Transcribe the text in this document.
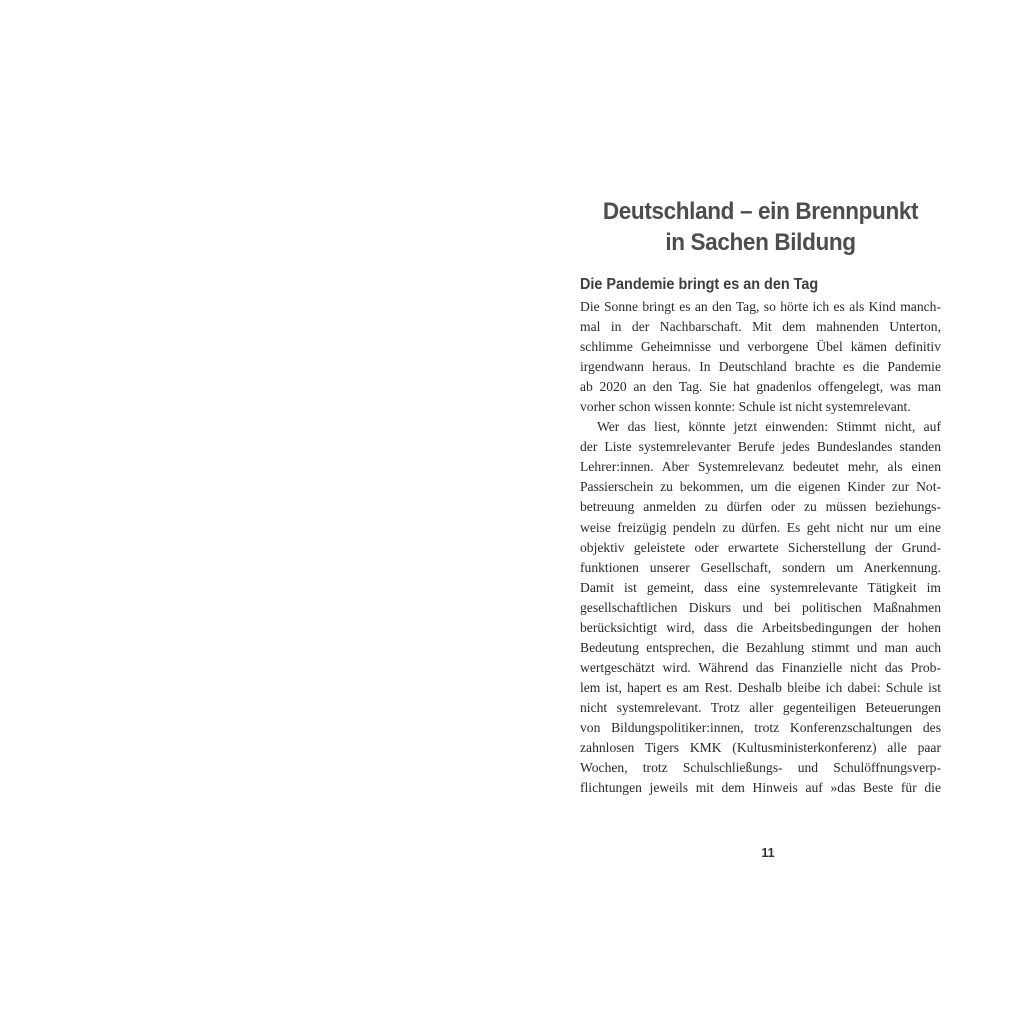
Deutschland – ein Brennpunkt
in Sachen Bildung
Die Pandemie bringt es an den Tag
Die Sonne bringt es an den Tag, so hörte ich es als Kind manch-
mal in der Nachbarschaft. Mit dem mahnenden Unterton,
schlimme Geheimnisse und verborgene Übel kämen definitiv
irgendwann heraus. In Deutschland brachte es die Pandemie
ab 2020 an den Tag. Sie hat gnadenlos offengelegt, was man
vorher schon wissen konnte: Schule ist nicht systemrelevant.
Wer das liest, könnte jetzt einwenden: Stimmt nicht, auf
der Liste systemrelevanter Berufe jedes Bundeslandes standen
Lehrer:innen. Aber Systemrelevanz bedeutet mehr, als einen
Passierschein zu bekommen, um die eigenen Kinder zur Not-
betreuung anmelden zu dürfen oder zu müssen beziehungs-
weise freizügig pendeln zu dürfen. Es geht nicht nur um eine
objektiv geleistete oder erwartete Sicherstellung der Grund-
funktionen unserer Gesellschaft, sondern um Anerkennung.
Damit ist gemeint, dass eine systemrelevante Tätigkeit im
gesellschaftlichen Diskurs und bei politischen Maßnahmen
berücksichtigt wird, dass die Arbeitsbedingungen der hohen
Bedeutung entsprechen, die Bezahlung stimmt und man auch
wertgeschätzt wird. Während das Finanzielle nicht das Prob-
lem ist, hapert es am Rest. Deshalb bleibe ich dabei: Schule ist
nicht systemrelevant. Trotz aller gegenteiligen Beteuerungen
von Bildungspolitiker:innen, trotz Konferenzschaltungen des
zahnlosen Tigers KMK (Kultusministerkonferenz) alle paar
Wochen, trotz Schulschließungs- und Schulöffnungsverp-
flichtungen jeweils mit dem Hinweis auf »das Beste für die
11
